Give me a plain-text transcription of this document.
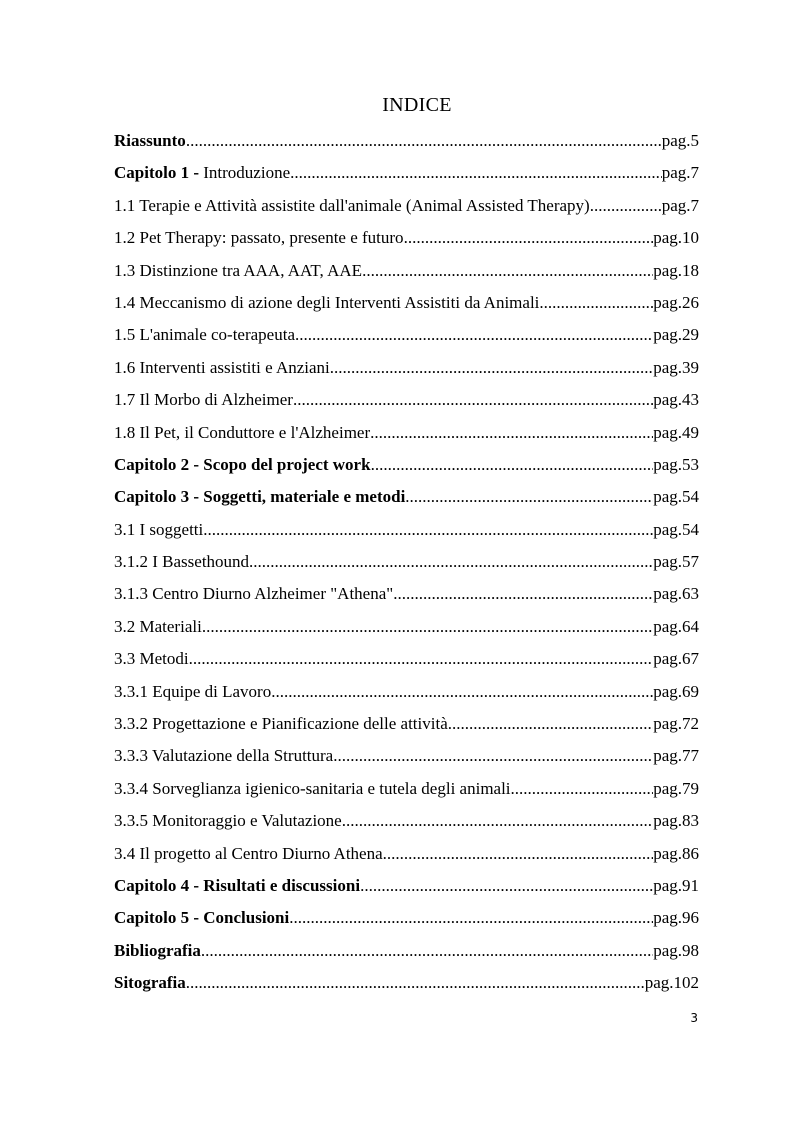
INDICE
Riassunto .....	pag.5
Capitolo 1 - Introduzione .....	pag.7
1.1 Terapie e Attività assistite dall'animale (Animal Assisted Therapy) .....	pag.7
1.2 Pet Therapy: passato, presente e futuro .....	pag.10
1.3 Distinzione tra AAA, AAT, AAE .....	pag.18
1.4 Meccanismo di azione degli Interventi Assistiti da Animali .....	pag.26
1.5 L'animale co-terapeuta .....	pag.29
1.6 Interventi assistiti e Anziani .....	pag.39
1.7 Il Morbo di Alzheimer .....	pag.43
1.8 Il Pet, il Conduttore e l'Alzheimer .....	pag.49
Capitolo 2 - Scopo del project work .....	pag.53
Capitolo 3 - Soggetti, materiale e metodi .....	pag.54
3.1 I soggetti .....	pag.54
3.1.2 I Bassethound .....	pag.57
3.1.3 Centro Diurno Alzheimer "Athena" .....	pag.63
3.2 Materiali .....	pag.64
3.3 Metodi .....	pag.67
3.3.1 Equipe di Lavoro .....	pag.69
3.3.2 Progettazione e Pianificazione delle attività .....	pag.72
3.3.3 Valutazione della Struttura .....	pag.77
3.3.4 Sorveglianza igienico-sanitaria e tutela degli animali .....	pag.79
3.3.5 Monitoraggio e Valutazione .....	pag.83
3.4 Il progetto al Centro Diurno Athena .....	pag.86
Capitolo 4 - Risultati e discussioni .....	pag.91
Capitolo 5 - Conclusioni .....	pag.96
Bibliografia .....	pag.98
Sitografia .....	pag.102
3
